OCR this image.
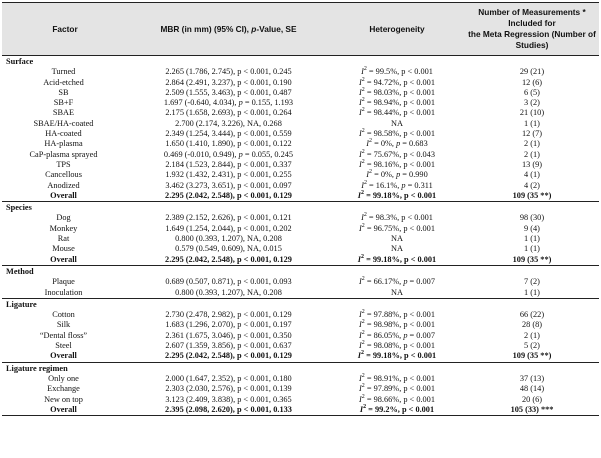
Factor	MBR (in mm) (95% CI), p-Value, SE	Heterogeneity	Number of Measurements * Included for
the Meta Regression (Number of Studies)
Surface			
Turned	2.265 (1.786, 2.745), p < 0.001, 0.245	$I^2 = 99.5\%$, p < 0.001	29 (21)
Acid-etched	2.864 (2.491, 3.237), p < 0.001, 0.190	$I^2 = 94.72\%$, p < 0.001	12 (6)
SB	2.509 (1.555, 3.463), p < 0.001, 0.487	$I^2 = 98.03\%$, p < 0.001	6 (5)
SB+F	1.697 (-0.640, 4.034), p = 0.155, 1.193	$I^2 = 98.94\%$, p < 0.001	3 (2)
SBAE	2.175 (1.658, 2.693), p < 0.001, 0.264	$I^2 = 98.44\%$, p < 0.001	21 (10)
SBAE/HA-coated	2.700 (2.174, 3.226), NA, 0.268	NA	1 (1)
HA-coated	2.349 (1.254, 3.444), p < 0.001, 0.559	$I^2 = 98.58\%$, p < 0.001	12 (7)
HA-plasma	1.650 (1.410, 1.890), p < 0.001, 0.122	$I^2 = 0\%$, p = 0.683	2 (1)
CaP-plasma sprayed	0.469 (-0.010, 0.949), p = 0.055, 0.245	$I^2 = 75.67\%$, p < 0.043	2 (1)
TPS	2.184 (1.523, 2.844), p < 0.001, 0.337	$I^2 = 98.16\%$, p < 0.001	13 (9)
Cancellous	1.932 (1.432, 2.431), p < 0.001, 0.255	$I^2 = 0\%$, p = 0.990	4 (1)
Anodized	3.462 (3.273, 3.651), p < 0.001, 0.097	$I^2 = 16.1\%$, p = 0.311	4 (2)
Overall	2.295 (2.042, 2.548), p < 0.001, 0.129	$I^2 = 99.18\%$, p < 0.001	109 (35 **)
Species			
Dog	2.389 (2.152, 2.626), p < 0.001, 0.121	$I^2 = 98.3\%$, p < 0.001	98 (30)
Monkey	1.649 (1.254, 2.044), p < 0.001, 0.202	$I^2 = 96.75\%$, p < 0.001	9 (4)
Rat	0.800 (0.393, 1.207), NA, 0.208	NA	1 (1)
Mouse	0.579 (0.549, 0.609), NA, 0.015	NA	1 (1)
Overall	2.295 (2.042, 2.548), p < 0.001, 0.129	$I^2 = 99.18\%$, p < 0.001	109 (35 **)
Method			
Plaque	0.689 (0.507, 0.871), p < 0.001, 0.093	$I^2 = 66.17\%$, p = 0.007	7 (2)
Inoculation	0.800 (0.393, 1.207), NA, 0.208	NA	1 (1)
Ligature			
Cotton	2.730 (2.478, 2.982), p < 0.001, 0.129	$I^2 = 97.88\%$, p < 0.001	66 (22)
Silk	1.683 (1.296, 2.070), p < 0.001, 0.197	$I^2 = 98.98\%$, p < 0.001	28 (8)
“Dental floss”	2.361 (1.675, 3.046), p < 0.001, 0.350	$I^2 = 86.05\%$, p = 0.007	2 (1)
Steel	2.607 (1.359, 3.856), p < 0.001, 0.637	$I^2 = 98.08\%$, p < 0.001	5 (2)
Overall	2.295 (2.042, 2.548), p < 0.001, 0.129	$I^2 = 99.18\%$, p < 0.001	109 (35 **)
Ligature regimen			
Only one	2.000 (1.647, 2.352), p < 0.001, 0.180	$I^2 = 98.91\%$, p < 0.001	37 (13)
Exchange	2.303 (2.030, 2.576), p < 0.001, 0.139	$I^2 = 97.89\%$, p < 0.001	48 (14)
New on top	3.123 (2.409, 3.838), p < 0.001, 0.365	$I^2 = 98.66\%$, p < 0.001	20 (6)
Overall	2.395 (2.098, 2.620), p < 0.001, 0.133	$I^2 = 99.2\%$, p < 0.001	105 (33) ***
